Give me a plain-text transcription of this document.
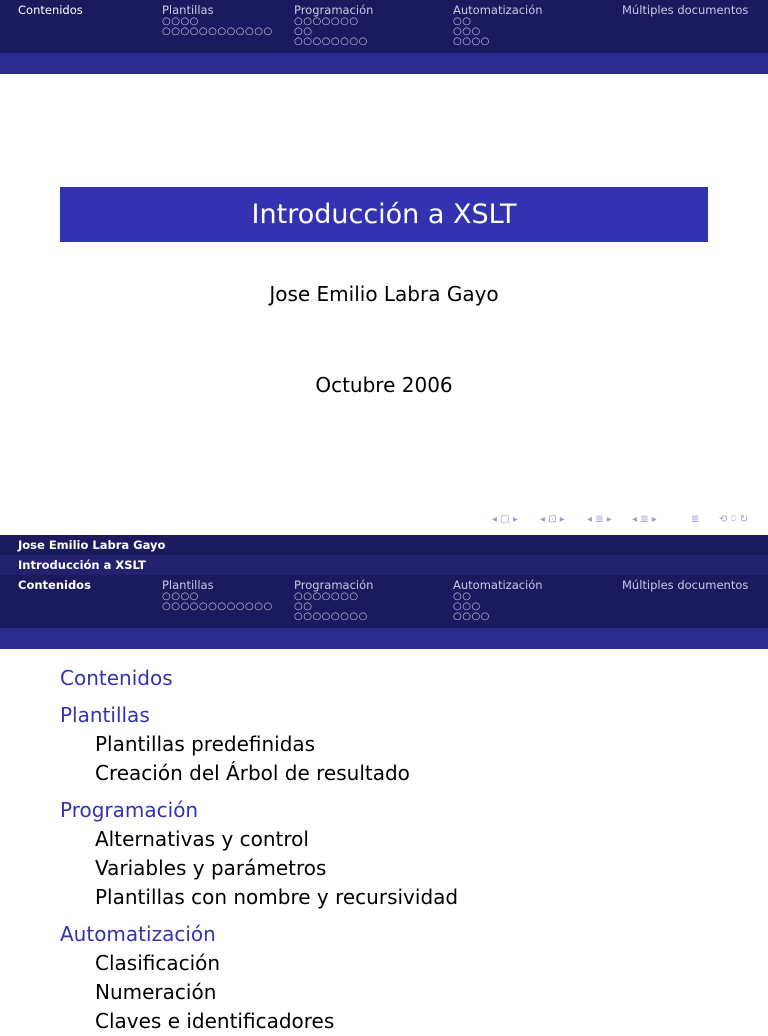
Contenidos	Plantillas
○○○○
○○○○○○○○○○○○
Programación
○○○○○○○
○○
○○○○○○○○
Automatización
○○
○○○
○○○○
Múltiples documentos
Introducción a XSLT
Jose Emilio Labra Gayo
Octubre 2006
◂ □ ▸ ◂ ⊡ ▸ ◂ ≣ ▸ ◂ ≣ ▸	≣ ⟲ ⍥ ↻
Jose Emilio Labra Gayo
Introducción a XSLT
Contenidos	Plantillas
○○○○
○○○○○○○○○○○○
Programación
○○○○○○○
○○
○○○○○○○○
Automatización
○○
○○○
○○○○
Múltiples documentos
Contenidos
Plantillas
Plantillas predefinidas
Creación del Árbol de resultado
Programación
Alternativas y control
Variables y parámetros
Plantillas con nombre y recursividad
Automatización
Clasificación
Numeración
Claves e identificadores
